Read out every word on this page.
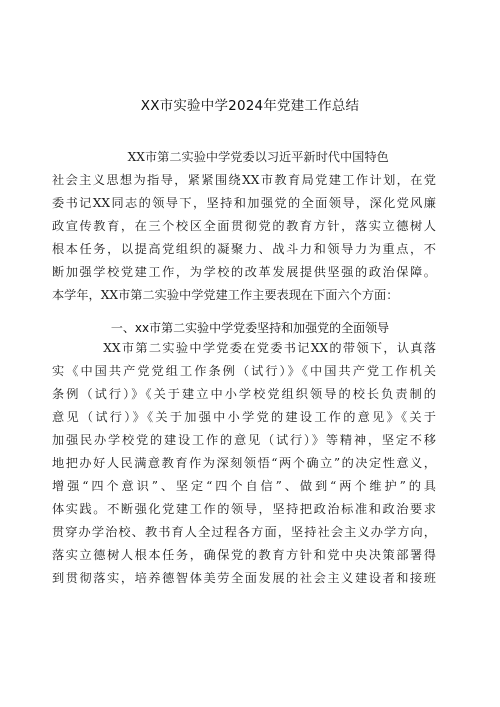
XX市实验中学2024年党建工作总结

XX市第二实验中学党委以习近平新时代中国特色

社会主义思想为指导，紧紧围绕XX市教育局党建工作计划，在党

委书记XX同志的领导下，坚持和加强党的全面领导，深化党风廉

政宣传教育，在三个校区全面贯彻党的教育方针，落实立德树人

根本任务，以提高党组织的凝聚力、战斗力和领导力为重点，不

断加强学校党建工作，为学校的改革发展提供坚强的政治保障。

本学年，XX市第二实验中学党建工作主要表现在下面六个方面：

一、xx市第二实验中学党委坚持和加强党的全面领导

XX市第二实验中学党委在党委书记XX的带领下，认真落

实《中国共产党党组工作条例（试行）》《中国共产党工作机关

条例（试行）》《关于建立中小学校党组织领导的校长负责制的

意见（试行）》《关于加强中小学党的建设工作的意见》《关于

加强民办学校党的建设工作的意见（试行）》等精神，坚定不移

地把办好人民满意教育作为深刻领悟“两个确立”的决定性意义，

增强“四个意识”、坚定“四个自信”、做到“两个维护”的具

体实践。不断强化党建工作的领导，坚持把政治标准和政治要求

贯穿办学治校、教书育人全过程各方面，坚持社会主义办学方向，

落实立德树人根本任务，确保党的教育方针和党中央决策部署得

到贯彻落实，培养德智体美劳全面发展的社会主义建设者和接班
